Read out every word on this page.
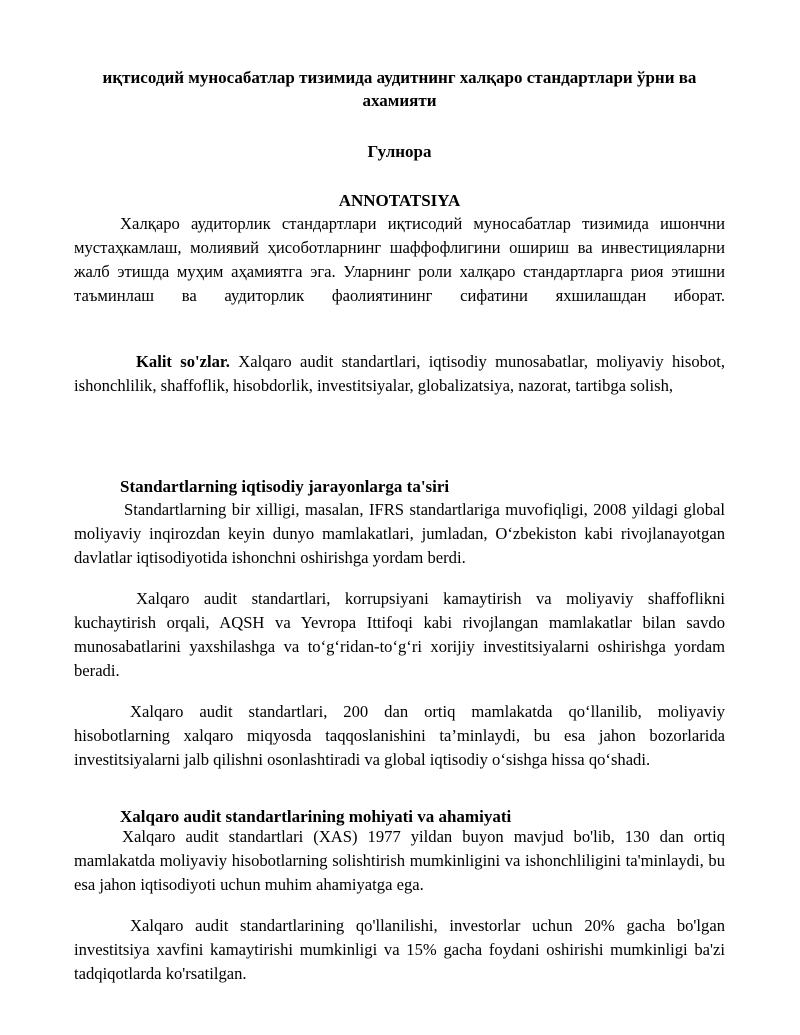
иқтисодий муносабатлар тизимида аудитнинг халқаро стандартлари ўрни ва ахамияти
Гулнора
ANNOTATSIYA

Халқаро аудиторлик стандартлари иқтисодий муносабатлар тизимида ишончни мустаҳкамлаш, молиявий ҳисоботларнинг шаффофлигини ошириш ва инвестицияларни жалб этишда муҳим аҳамиятга эга. Уларнинг роли халқаро стандартларга риоя этишни таъминлаш ва аудиторлик фаолиятининг сифатини яхшилашдан иборат.

Kalit so'zlar. Xalqaro audit standartlari, iqtisodiy munosabatlar, moliyaviy hisobot, ishonchlilik, shaffoflik, hisobdorlik, investitsiyalar, globalizatsiya, nazorat, tartibga solish,

Standartlarning iqtisodiy jarayonlarga ta'siri

Standartlarning bir xilligi, masalan, IFRS standartlariga muvofiqligi, 2008 yildagi global moliyaviy inqirozdan keyin dunyo mamlakatlari, jumladan, O‘zbekiston kabi rivojlanayotgan davlatlar iqtisodiyotida ishonchni oshirishga yordam berdi.

Xalqaro audit standartlari, korrupsiyani kamaytirish va moliyaviy shaffoflikni kuchaytirish orqali, AQSH va Yevropa Ittifoqi kabi rivojlangan mamlakatlar bilan savdo munosabatlarini yaxshilashga va to‘g‘ridan-to‘g‘ri xorijiy investitsiyalarni oshirishga yordam beradi.

Xalqaro audit standartlari, 200 dan ortiq mamlakatda qo‘llanilib, moliyaviy hisobotlarning xalqaro miqyosda taqqoslanishini ta’minlaydi, bu esa jahon bozorlarida investitsiyalarni jalb qilishni osonlashtiradi va global iqtisodiy o‘sishga hissa qo‘shadi.

Xalqaro audit standartlarining mohiyati va ahamiyati

Xalqaro audit standartlari (XAS) 1977 yildan buyon mavjud bo'lib, 130 dan ortiq mamlakatda moliyaviy hisobotlarning solishtirish mumkinligini va ishonchliligini ta'minlaydi, bu esa jahon iqtisodiyoti uchun muhim ahamiyatga ega.

Xalqaro audit standartlarining qo'llanilishi, investorlar uchun 20% gacha bo'lgan investitsiya xavfini kamaytirishi mumkinligi va 15% gacha foydani oshirishi mumkinligi ba'zi tadqiqotlarda ko'rsatilgan.
